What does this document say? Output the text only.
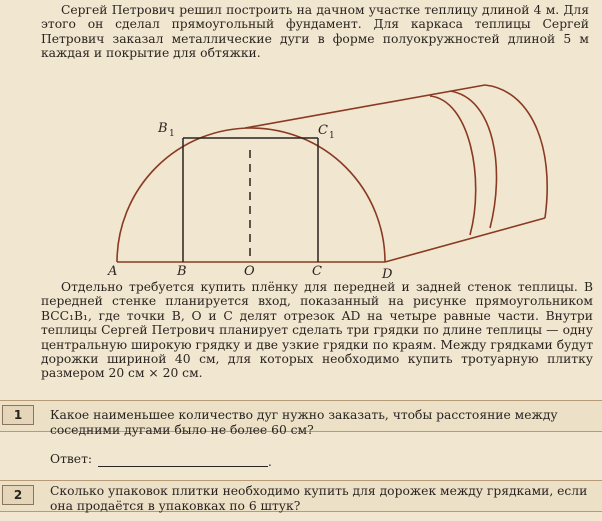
Сергей Петрович решил построить на дачном участке теплицу длиной 4 м. Для этого он сделал прямоугольный фундамент. Для каркаса теплицы Сергей Петрович заказал металлические дуги в форме полуокружностей длиной 5 м каждая и покрытие для обтяжки.

A	B	O	C	D
B 1	C 1

Отдельно требуется купить плёнку для передней и задней стенок теплицы. В передней стенке планируется вход, показанный на рисунке прямоугольником BCC₁B₁, где точки B, O и C делят отрезок AD на четыре равные части. Внутри теплицы Сергей Петрович планирует сделать три грядки по длине теплицы — одну центральную широкую грядку и две узкие грядки по краям. Между грядками будут дорожки шириной 40 см, для которых необходимо купить тротуарную плитку размером 20 см × 20 см.

1	Какое наименьшее количество дуг нужно заказать, чтобы расстояние между соседними дугами было не более 60 см?

Ответ:	.
2	Сколько упаковок плитки необходимо купить для дорожек между грядками, если она продаётся в упаковках по 6 штук?
